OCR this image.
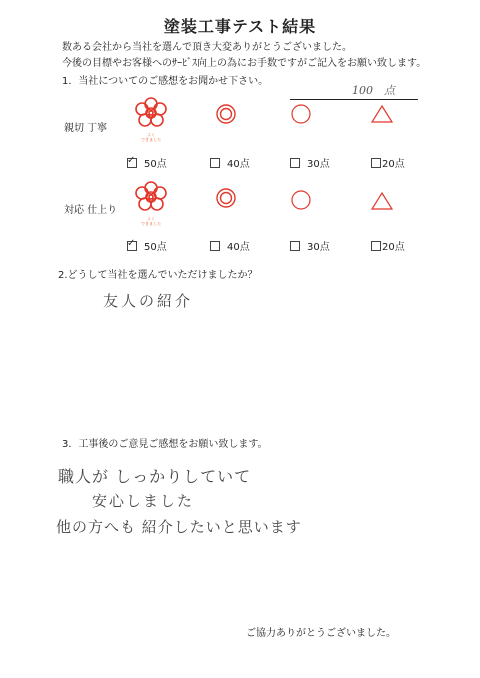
塗装工事テスト結果
数ある会社から当社を選んで頂き大変ありがとうございました。
今後の目標やお客様へのｻｰﾋﾞｽ向上の為にお手数ですがご記入をお願い致します。
1．当社についてのご感想をお聞かせ下さい。
100　点
親切 丁寧
よく
できました
✓50点	40点	30点	20点
対応 仕上り
よく
できました
✓50点	40点	30点	20点
2.どうして当社を選んでいただけましたか？
友人の紹介
3．工事後のご意見ご感想をお願い致します。
職人が しっかりしていて
安心しました
他の方へも 紹介したいと思います
ご協力ありがとうございました。
